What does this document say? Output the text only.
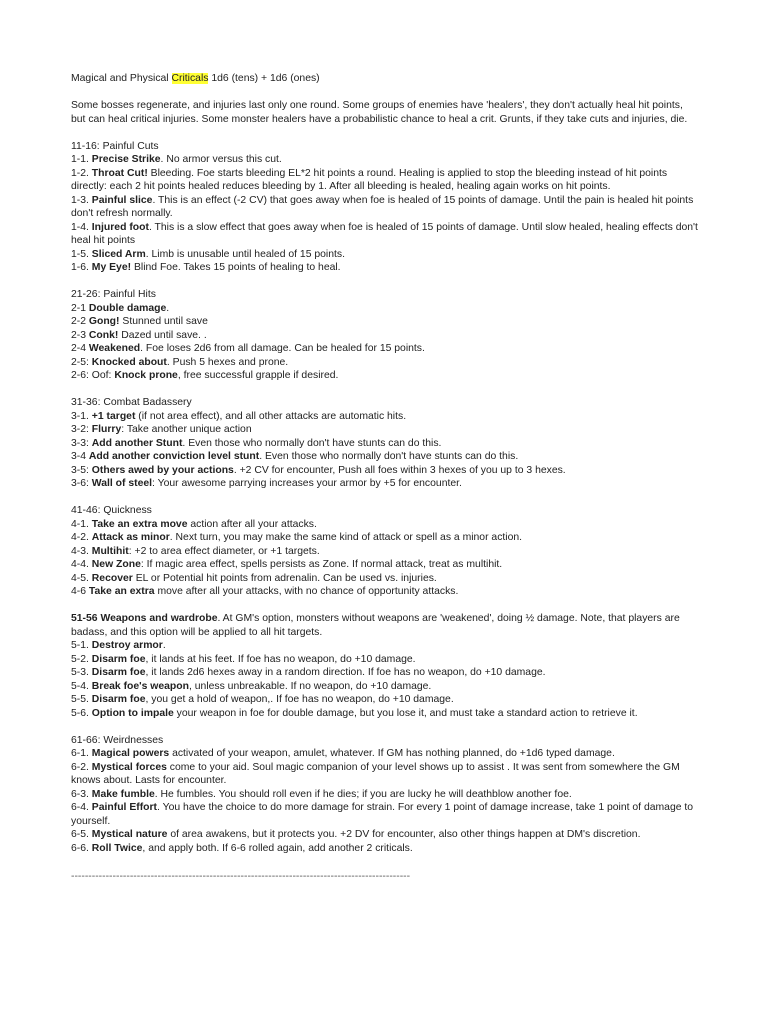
Magical and Physical Criticals 1d6 (tens) + 1d6 (ones)

Some bosses regenerate, and injuries last only one round. Some groups of enemies have 'healers', they don't actually heal hit points, but can heal critical injuries. Some monster healers have a probabilistic chance to heal a crit. Grunts, if they take cuts and injuries, die.

11-16: Painful Cuts

1-1. Precise Strike. No armor versus this cut.

1-2. Throat Cut! Bleeding. Foe starts bleeding EL*2 hit points a round. Healing is applied to stop the bleeding instead of hit points directly: each 2 hit points healed reduces bleeding by 1. After all bleeding is healed, healing again works on hit points.

1-3. Painful slice. This is an effect (-2 CV) that goes away when foe is healed of 15 points of damage. Until the pain is healed hit points don't refresh normally.

1-4. Injured foot. This is a slow effect that goes away when foe is healed of 15 points of damage. Until slow healed, healing effects don't heal hit points

1-5. Sliced Arm. Limb is unusable until healed of 15 points.

1-6. My Eye! Blind Foe. Takes 15 points of healing to heal.

21-26: Painful Hits

2-1 Double damage.

2-2 Gong! Stunned until save

2-3 Conk! Dazed until save. .

2-4 Weakened. Foe loses 2d6 from all damage. Can be healed for 15 points.

2-5: Knocked about. Push 5 hexes and prone.

2-6: Oof: Knock prone, free successful grapple if desired.

31-36: Combat Badassery

3-1. +1 target (if not area effect), and all other attacks are automatic hits.

3-2: Flurry: Take another unique action

3-3: Add another Stunt. Even those who normally don't have stunts can do this.

3-4 Add another conviction level stunt. Even those who normally don't have stunts can do this.

3-5: Others awed by your actions. +2 CV for encounter, Push all foes within 3 hexes of you up to 3 hexes.

3-6: Wall of steel: Your awesome parrying increases your armor by +5 for encounter.

41-46: Quickness

4-1. Take an extra move action after all your attacks.

4-2. Attack as minor. Next turn, you may make the same kind of attack or spell as a minor action.

4-3. Multihit: +2 to area effect diameter, or +1 targets.

4-4. New Zone: If magic area effect, spells persists as Zone. If normal attack, treat as multihit.

4-5. Recover EL or Potential hit points from adrenalin. Can be used vs. injuries.

4-6 Take an extra move after all your attacks, with no chance of opportunity attacks.

51-56 Weapons and wardrobe. At GM's option, monsters without weapons are 'weakened', doing ½ damage. Note, that players are badass, and this option will be applied to all hit targets.

5-1. Destroy armor.

5-2. Disarm foe, it lands at his feet. If foe has no weapon, do +10 damage.

5-3. Disarm foe, it lands 2d6 hexes away in a random direction. If foe has no weapon, do +10 damage.

5-4. Break foe's weapon, unless unbreakable. If no weapon, do +10 damage.

5-5. Disarm foe, you get a hold of weapon,. If foe has no weapon, do +10 damage.

5-6. Option to impale your weapon in foe for double damage, but you lose it, and must take a standard action to retrieve it.

61-66: Weirdnesses

6-1. Magical powers activated of your weapon, amulet, whatever. If GM has nothing planned, do +1d6 typed damage.

6-2. Mystical forces come to your aid. Soul magic companion of your level shows up to assist . It was sent from somewhere the GM knows about. Lasts for encounter.

6-3. Make fumble. He fumbles. You should roll even if he dies; if you are lucky he will deathblow another foe.

6-4. Painful Effort. You have the choice to do more damage for strain. For every 1 point of damage increase, take 1 point of damage to yourself.

6-5. Mystical nature of area awakens, but it protects you. +2 DV for encounter, also other things happen at DM's discretion.

6-6. Roll Twice, and apply both. If 6-6 rolled again, add another 2 criticals.

--------------------------------------------------------------------------------------------------
